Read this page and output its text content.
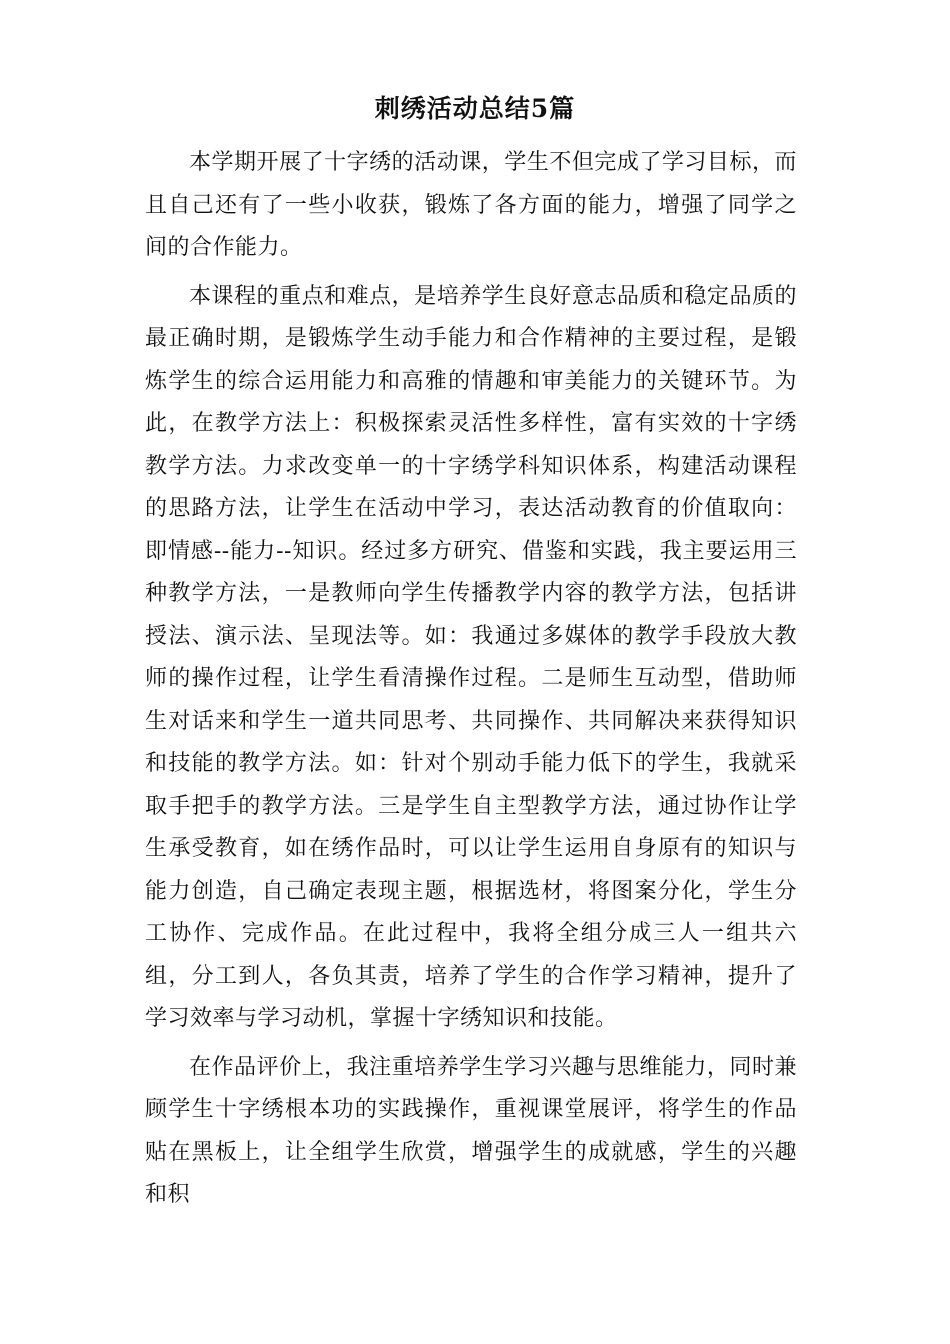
刺绣活动总结5篇

本学期开展了十字绣的活动课，学生不但完成了学习目标，而且自己还有了一些小收获，锻炼了各方面的能力，增强了同学之间的合作能力。

本课程的重点和难点，是培养学生良好意志品质和稳定品质的最正确时期，是锻炼学生动手能力和合作精神的主要过程，是锻炼学生的综合运用能力和高雅的情趣和审美能力的关键环节。为此，在教学方法上：积极探索灵活性多样性，富有实效的十字绣教学方法。力求改变单一的十字绣学科知识体系，构建活动课程的思路方法，让学生在活动中学习，表达活动教育的价值取向：即情感--能力--知识。经过多方研究、借鉴和实践，我主要运用三种教学方法，一是教师向学生传播教学内容的教学方法，包括讲授法、演示法、呈现法等。如：我通过多媒体的教学手段放大教师的操作过程，让学生看清操作过程。二是师生互动型，借助师生对话来和学生一道共同思考、共同操作、共同解决来获得知识和技能的教学方法。如：针对个别动手能力低下的学生，我就采取手把手的教学方法。三是学生自主型教学方法，通过协作让学生承受教育，如在绣作品时，可以让学生运用自身原有的知识与能力创造，自己确定表现主题，根据选材，将图案分化，学生分工协作、完成作品。在此过程中，我将全组分成三人一组共六组，分工到人，各负其责，培养了学生的合作学习精神，提升了学习效率与学习动机，掌握十字绣知识和技能。

在作品评价上，我注重培养学生学习兴趣与思维能力，同时兼顾学生十字绣根本功的实践操作，重视课堂展评，将学生的作品贴在黑板上，让全组学生欣赏，增强学生的成就感，学生的兴趣和积
